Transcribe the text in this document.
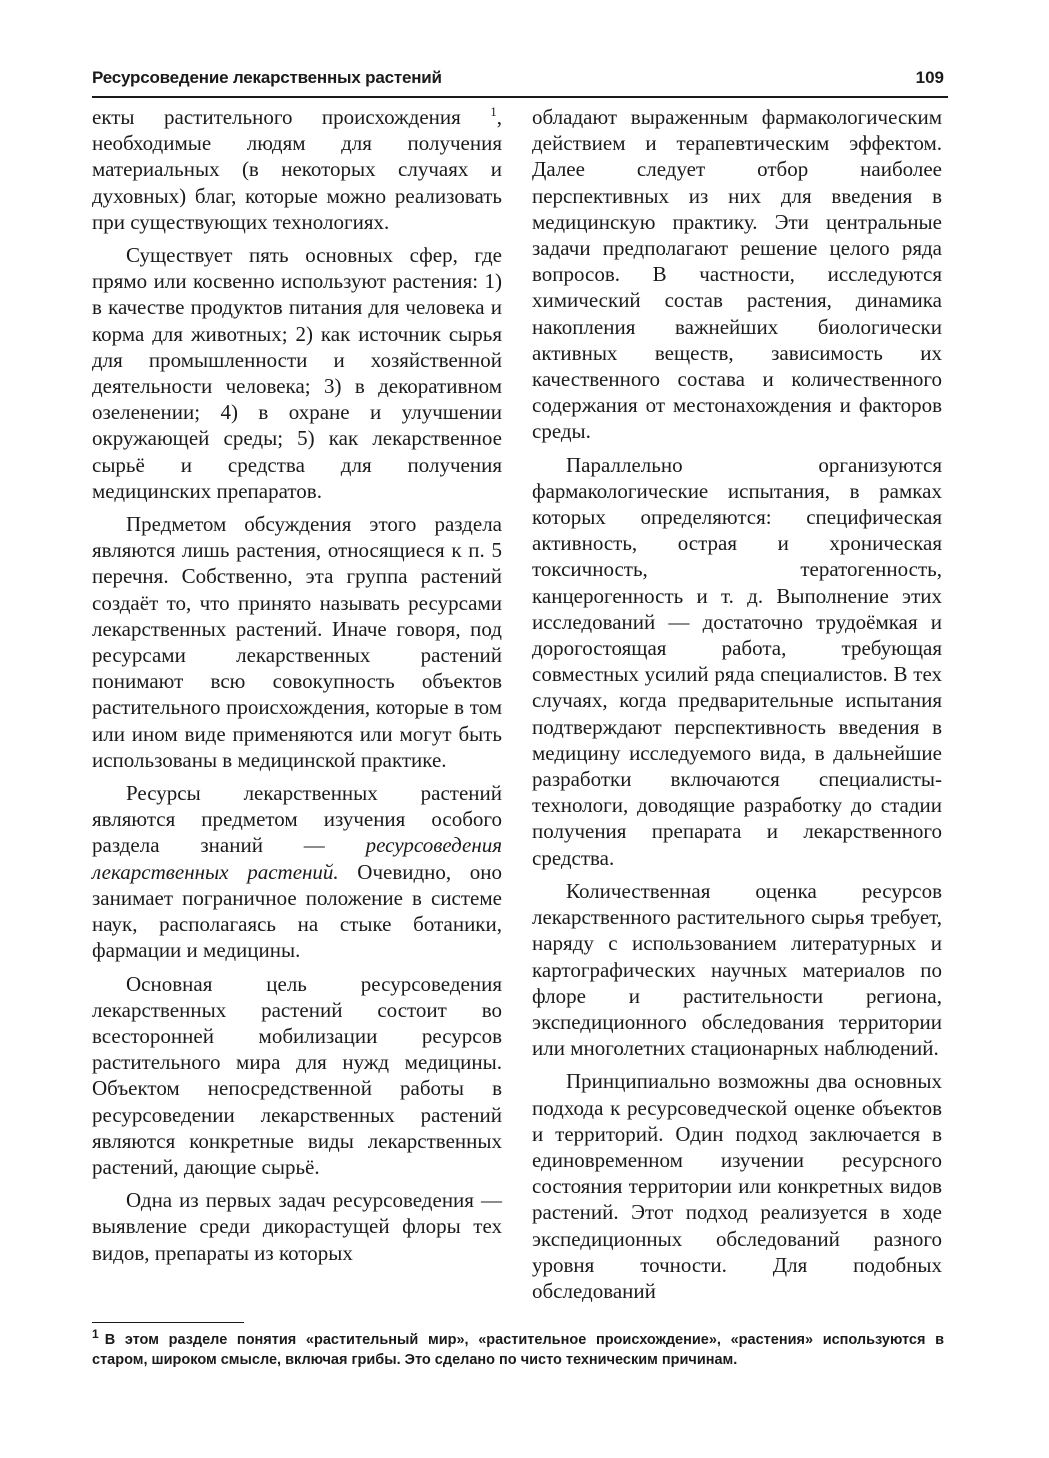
Ресурсоведение лекарственных растений	109

екты растительного происхождения $^1$, необходимые людям для получения материальных (в некоторых случаях и духовных) благ, которые можно реализовать при существующих технологиях.

Существует пять основных сфер, где прямо или косвенно используют растения: 1) в качестве продуктов питания для человека и корма для животных; 2) как источник сырья для промышленности и хозяйственной деятельности человека; 3) в декоративном озеленении; 4) в охране и улучшении окружающей среды; 5) как лекарственное сырьё и средства для получения медицинских препаратов.

Предметом обсуждения этого раздела являются лишь растения, относящиеся к п. 5 перечня. Собственно, эта группа растений создаёт то, что принято называть ресурсами лекарственных растений. Иначе говоря, под ресурсами лекарственных растений понимают всю совокупность объектов растительного происхождения, которые в том или ином виде применяются или могут быть использованы в медицинской практике.

Ресурсы лекарственных растений являются предметом изучения особого раздела знаний — ресурсоведения лекарственных растений. Очевидно, оно занимает пограничное положение в системе наук, располагаясь на стыке ботаники, фармации и медицины.

Основная цель ресурсоведения лекарственных растений состоит во всесторонней мобилизации ресурсов растительного мира для нужд медицины. Объектом непосредственной работы в ресурсоведении лекарственных растений являются конкретные виды лекарственных растений, дающие сырьё.

Одна из первых задач ресурсоведения — выявление среди дикорастущей флоры тех видов, препараты из которых

обладают выраженным фармакологическим действием и терапевтическим эффектом. Далее следует отбор наиболее перспективных из них для введения в медицинскую практику. Эти центральные задачи предполагают решение целого ряда вопросов. В частности, исследуются химический состав растения, динамика накопления важнейших биологически активных веществ, зависимость их качественного состава и количественного содержания от местонахождения и факторов среды.

Параллельно организуются фармакологические испытания, в рамках которых определяются: специфическая активность, острая и хроническая токсичность, тератогенность, канцерогенность и т. д. Выполнение этих исследований — достаточно трудоёмкая и дорогостоящая работа, требующая совместных усилий ряда специалистов. В тех случаях, когда предварительные испытания подтверждают перспективность введения в медицину исследуемого вида, в дальнейшие разработки включаются специалисты-технологи, доводящие разработку до стадии получения препарата и лекарственного средства.

Количественная оценка ресурсов лекарственного растительного сырья требует, наряду с использованием литературных и картографических научных материалов по флоре и растительности региона, экспедиционного обследования территории или многолетних стационарных наблюдений.

Принципиально возможны два основных подхода к ресурсоведческой оценке объектов и территорий. Один подход заключается в единовременном изучении ресурсного состояния территории или конкретных видов растений. Этот подход реализуется в ходе экспедиционных обследований разного уровня точности. Для подобных обследований

$^1$ В этом разделе понятия «растительный мир», «растительное происхождение», «растения» используются в старом, широком смысле, включая грибы. Это сделано по чисто техническим причинам.
